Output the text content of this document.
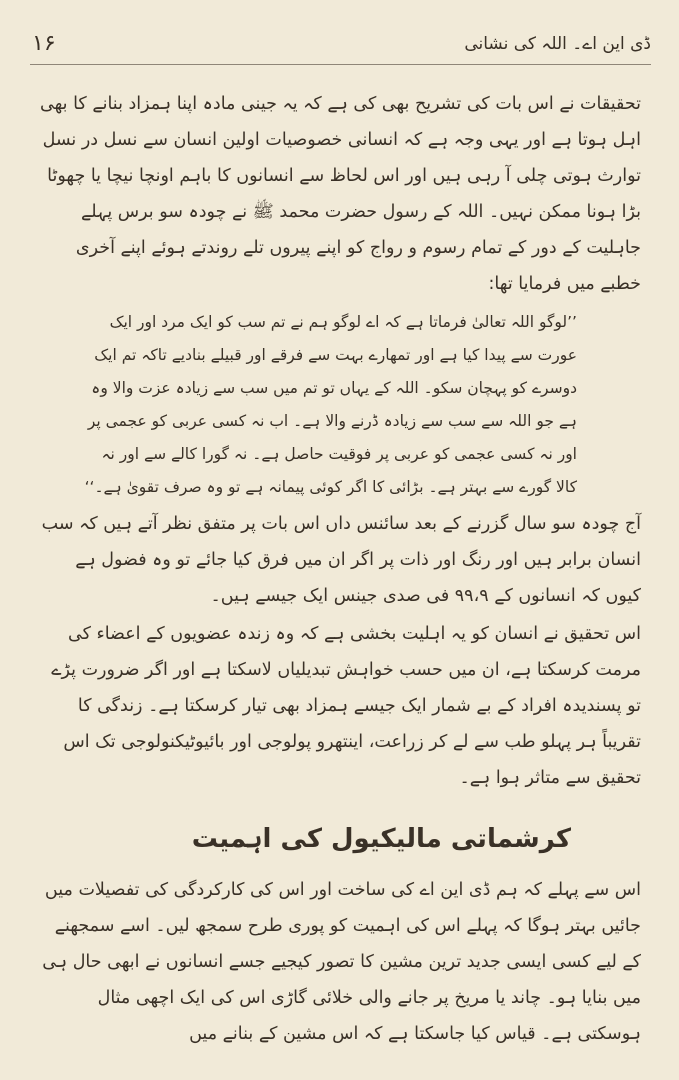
۱۶	ڈی این اے۔ اللہ کی نشانی

تحقیقات نے اس بات کی تشریح بھی کی ہے کہ یہ جینی مادہ اپنا ہمزاد بنانے کا بھی اہل ہوتا ہے اور یہی وجہ ہے کہ انسانی خصوصیات اولین انسان سے نسل در نسل توارث ہوتی چلی آ رہی ہیں اور اس لحاظ سے انسانوں کا باہم اونچا نیچا یا چھوٹا بڑا ہونا ممکن نہیں۔ اللہ کے رسول حضرت محمد ﷺ نے چودہ سو برس پہلے جاہلیت کے دور کے تمام رسوم و رواج کو اپنے پیروں تلے روندتے ہوئے اپنے آخری خطبے میں فرمایا تھا:

’’لوگو اللہ تعالیٰ فرماتا ہے کہ اے لوگو ہم نے تم سب کو ایک مرد اور ایک عورت سے پیدا کیا ہے اور تمھارے بہت سے فرقے اور قبیلے بنادیے تاکہ تم ایک دوسرے کو پہچان سکو۔ اللہ کے یہاں تو تم میں سب سے زیادہ عزت والا وہ ہے جو اللہ سے سب سے زیادہ ڈرنے والا ہے۔ اب نہ کسی عربی کو عجمی پر اور نہ کسی عجمی کو عربی پر فوقیت حاصل ہے۔ نہ گورا کالے سے اور نہ کالا گورے سے بہتر ہے۔ بڑائی کا اگر کوئی پیمانہ ہے تو وہ صرف تقویٰ ہے۔‘‘

آج چودہ سو سال گزرنے کے بعد سائنس داں اس بات پر متفق نظر آتے ہیں کہ سب انسان برابر ہیں اور رنگ اور ذات پر اگر ان میں فرق کیا جائے تو وہ فضول ہے کیوں کہ انسانوں کے ۹۹،۹ فی صدی جینس ایک جیسے ہیں۔

اس تحقیق نے انسان کو یہ اہلیت بخشی ہے کہ وہ زندہ عضویوں کے اعضاء کی مرمت کرسکتا ہے، ان میں حسب خواہش تبدیلیاں لاسکتا ہے اور اگر ضرورت پڑے تو پسندیدہ افراد کے بے شمار ایک جیسے ہمزاد بھی تیار کرسکتا ہے۔ زندگی کا تقریباً ہر پہلو طب سے لے کر زراعت، اینتھرو پولوجی اور بائیوٹیکنولوجی تک اس تحقیق سے متاثر ہوا ہے۔

کرشماتی مالیکیول کی اہمیت

اس سے پہلے کہ ہم ڈی این اے کی ساخت اور اس کی کارکردگی کی تفصیلات میں جائیں بہتر ہوگا کہ پہلے اس کی اہمیت کو پوری طرح سمجھ لیں۔ اسے سمجھنے کے لیے کسی ایسی جدید ترین مشین کا تصور کیجیے جسے انسانوں نے ابھی حال ہی میں بنایا ہو۔ چاند یا مریخ پر جانے والی خلائی گاڑی اس کی ایک اچھی مثال ہوسکتی ہے۔ قیاس کیا جاسکتا ہے کہ اس مشین کے بنانے میں
